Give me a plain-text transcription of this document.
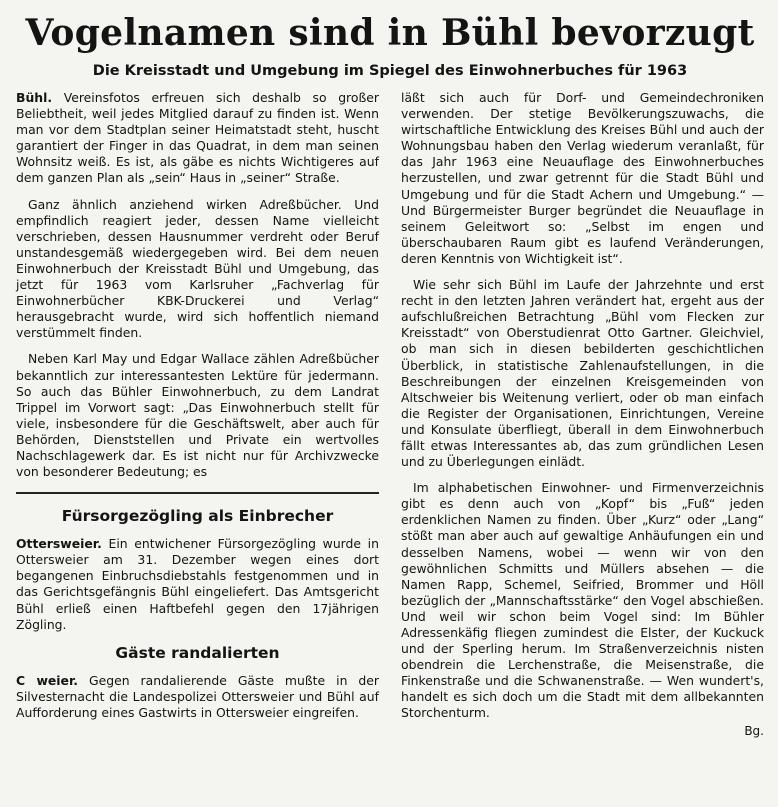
Vogelnamen sind in Bühl bevorzugt
Die Kreisstadt und Umgebung im Spiegel des Einwohnerbuches für 1963

Bühl. Vereinsfotos erfreuen sich deshalb so großer Beliebtheit, weil jedes Mitglied darauf zu finden ist. Wenn man vor dem Stadtplan seiner Heimatstadt steht, huscht garantiert der Finger in das Quadrat, in dem man seinen Wohnsitz weiß. Es ist, als gäbe es nichts Wichtigeres auf dem ganzen Plan als „sein“ Haus in „seiner“ Straße.

Ganz ähnlich anziehend wirken Adreßbücher. Und empfindlich reagiert jeder, dessen Name vielleicht verschrieben, dessen Hausnummer verdreht oder Beruf unstandesgemäß wiedergegeben wird. Bei dem neuen Einwohnerbuch der Kreisstadt Bühl und Umgebung, das jetzt für 1963 vom Karlsruher „Fachverlag für Einwohnerbücher KBK-Druckerei und Verlag“ herausgebracht wurde, wird sich hoffentlich niemand verstümmelt finden.

Neben Karl May und Edgar Wallace zählen Adreßbücher bekanntlich zur interessantesten Lektüre für jedermann. So auch das Bühler Einwohnerbuch, zu dem Landrat Trippel im Vorwort sagt: „Das Einwohnerbuch stellt für viele, insbesondere für die Geschäftswelt, aber auch für Behörden, Dienststellen und Private ein wertvolles Nachschlagewerk dar. Es ist nicht nur für Archivzwecke von besonderer Bedeutung; es

Fürsorgezögling als Einbrecher

Ottersweier. Ein entwichener Fürsorgezögling wurde in Ottersweier am 31. Dezember wegen eines dort begangenen Einbruchsdiebstahls festgenommen und in das Gerichtsgefängnis Bühl eingeliefert. Das Amtsgericht Bühl erließ einen Haftbefehl gegen den 17jährigen Zögling.

Gäste randalierten

C weier. Gegen randalierende Gäste mußte in der Silvesternacht die Landespolizei Ottersweier und Bühl auf Aufforderung eines Gastwirts in Ottersweier eingreifen.

läßt sich auch für Dorf- und Gemeindechroniken verwenden. Der stetige Bevölkerungszuwachs, die wirtschaftliche Entwicklung des Kreises Bühl und auch der Wohnungsbau haben den Verlag wiederum veranlaßt, für das Jahr 1963 eine Neuauflage des Einwohnerbuches herzustellen, und zwar getrennt für die Stadt Bühl und Umgebung und für die Stadt Achern und Umgebung.“ — Und Bürgermeister Burger begründet die Neuauflage in seinem Geleitwort so: „Selbst im engen und überschaubaren Raum gibt es laufend Veränderungen, deren Kenntnis von Wichtigkeit ist“.

Wie sehr sich Bühl im Laufe der Jahrzehnte und erst recht in den letzten Jahren verändert hat, ergeht aus der aufschlußreichen Betrachtung „Bühl vom Flecken zur Kreisstadt“ von Oberstudienrat Otto Gartner. Gleichviel, ob man sich in diesen bebilderten geschichtlichen Überblick, in statistische Zahlenaufstellungen, in die Beschreibungen der einzelnen Kreisgemeinden von Altschweier bis Weitenung verliert, oder ob man einfach die Register der Organisationen, Einrichtungen, Vereine und Konsulate überfliegt, überall in dem Einwohnerbuch fällt etwas Interessantes ab, das zum gründlichen Lesen und zu Überlegungen einlädt.

Im alphabetischen Einwohner- und Firmenverzeichnis gibt es denn auch von „Kopf“ bis „Fuß“ jeden erdenklichen Namen zu finden. Über „Kurz“ oder „Lang“ stößt man aber auch auf gewaltige Anhäufungen ein und desselben Namens, wobei — wenn wir von den gewöhnlichen Schmitts und Müllers absehen — die Namen Rapp, Schemel, Seifried, Brommer und Höll bezüglich der „Mannschaftsstärke“ den Vogel abschießen. Und weil wir schon beim Vogel sind: Im Bühler Adressenkäfig fliegen zumindest die Elster, der Kuckuck und der Sperling herum. Im Straßenverzeichnis nisten obendrein die Lerchenstraße, die Meisenstraße, die Finkenstraße und die Schwanenstraße. — Wen wundert's, handelt es sich doch um die Stadt mit dem allbekannten Storchenturm.

Bg.
